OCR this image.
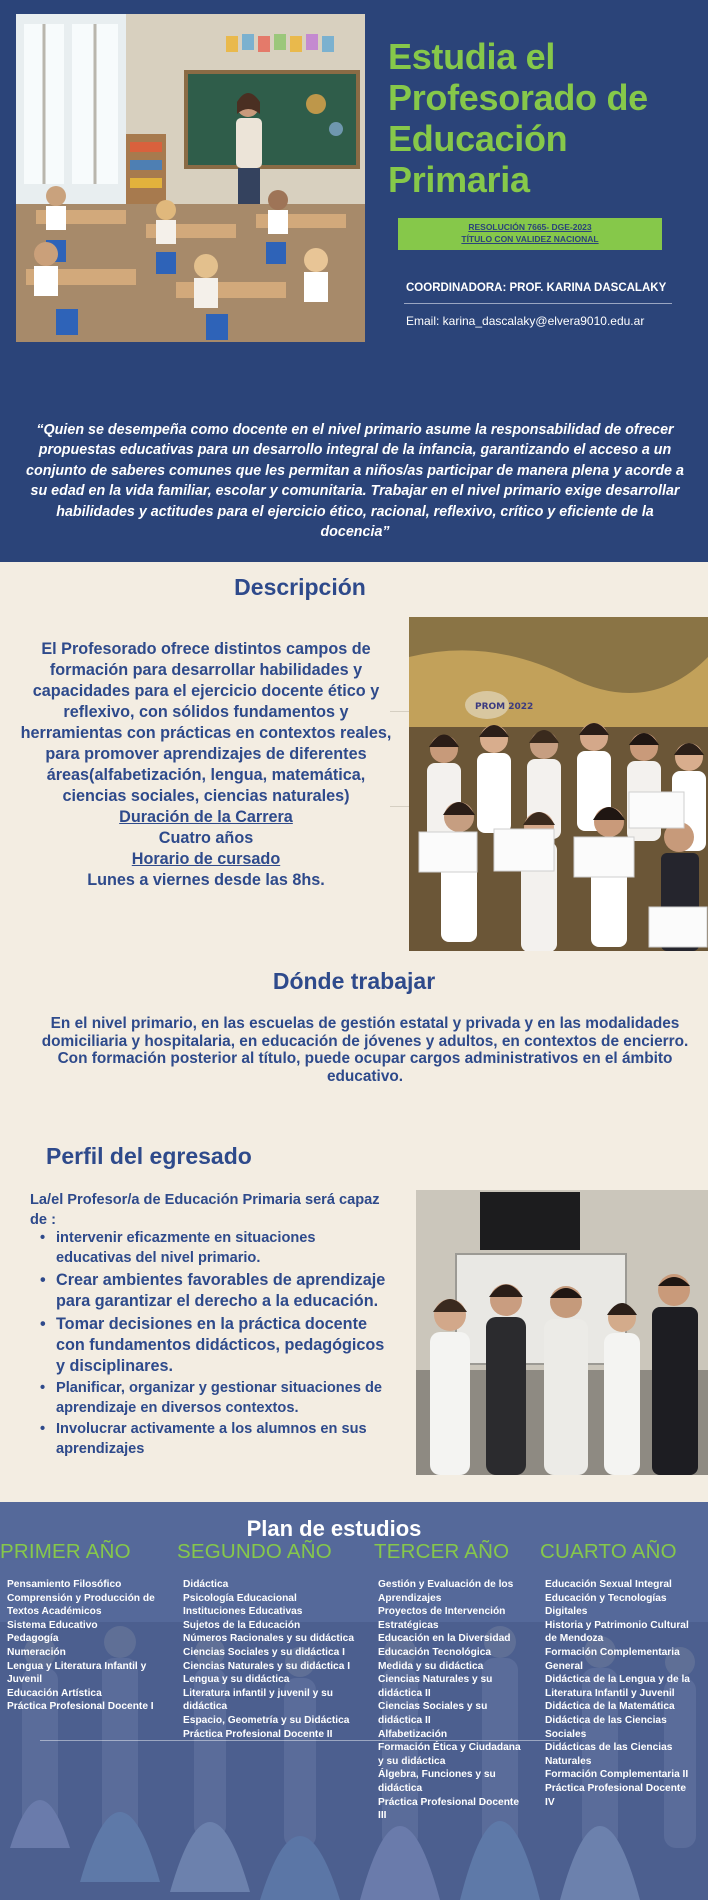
Estudia el Profesorado de Educación Primaria
RESOLUCIÓN 7665- DGE-2023
TÍTULO CON VALIDEZ NACIONAL
COORDINADORA: PROF. KARINA DASCALAKY
Email: karina_dascalaky@elvera9010.edu.ar

“Quien se desempeña como docente en el nivel primario asume la responsabilidad de ofrecer propuestas educativas para un desarrollo integral de la infancia, garantizando el acceso a un conjunto de saberes comunes que les permitan a niños/as participar de manera plena y acorde a su edad en la vida familiar, escolar y comunitaria. Trabajar en el nivel primario exige desarrollar habilidades y actitudes para el ejercicio ético, racional, reflexivo, crítico y eficiente de la docencia”

Descripción

El Profesorado ofrece distintos campos de formación para desarrollar habilidades y capacidades para el ejercicio docente ético y reflexivo, con sólidos fundamentos y herramientas con prácticas en contextos reales, para promover aprendizajes de diferentes áreas(alfabetización, lengua, matemática, ciencias sociales, ciencias naturales)

Duración de la Carrera

Cuatro años

Horario de cursado

Lunes a viernes desde las 8hs.

PROM 2022
Dónde trabajar

En el nivel primario, en las escuelas de gestión estatal y privada y en las modalidades domiciliaria y hospitalaria, en educación de jóvenes y adultos, en contextos de encierro.

Con formación posterior al título, puede ocupar cargos administrativos en el ámbito educativo.

Perfil del egresado

La/el Profesor/a de Educación Primaria será capaz de :

• intervenir eficazmente en situaciones educativas del nivel primario.
• Crear ambientes favorables de aprendizaje para garantizar el derecho a la educación.
• Tomar decisiones en la práctica docente con fundamentos didácticos, pedagógicos y disciplinares.
• Planificar, organizar y gestionar situaciones de aprendizaje en diversos contextos.
• Involucrar activamente a los alumnos en sus aprendizajes
Plan de estudios
PRIMER AÑO SEGUNDO AÑO TERCER AÑO CUARTO AÑO
Pensamiento Filosófico
Comprensión y Producción de Textos Académicos
Sistema Educativo
Pedagogía
Numeración
Lengua y Literatura Infantil y Juvenil
Educación Artística
Práctica Profesional Docente I
Didáctica
Psicología Educacional
Instituciones Educativas
Sujetos de la Educación
Números Racionales y su didáctica
Ciencias Sociales y su didáctica I
Ciencias Naturales y su didáctica I
Lengua y su didáctica
Literatura infantil y juvenil y su didáctica
Espacio, Geometría y su Didáctica
Práctica Profesional Docente II
Gestión y Evaluación de los Aprendizajes
Proyectos de Intervención Estratégicas
Educación en la Diversidad
Educación Tecnológica
Medida y su didáctica
Ciencias Naturales y su didáctica II
Ciencias Sociales y su didáctica II
Alfabetización
Formación Ética y Ciudadana y su didáctica
Álgebra, Funciones y su didáctica
Práctica Profesional Docente III
Educación Sexual Integral
Educación y Tecnologías Digitales
Historia y Patrimonio Cultural de Mendoza
Formación Complementaria General
Didáctica de la Lengua y de la Literatura Infantil y Juvenil
Didáctica de la Matemática
Didáctica de las Ciencias Sociales
Didácticas de las Ciencias Naturales
Formación Complementaria II
Práctica Profesional Docente IV
